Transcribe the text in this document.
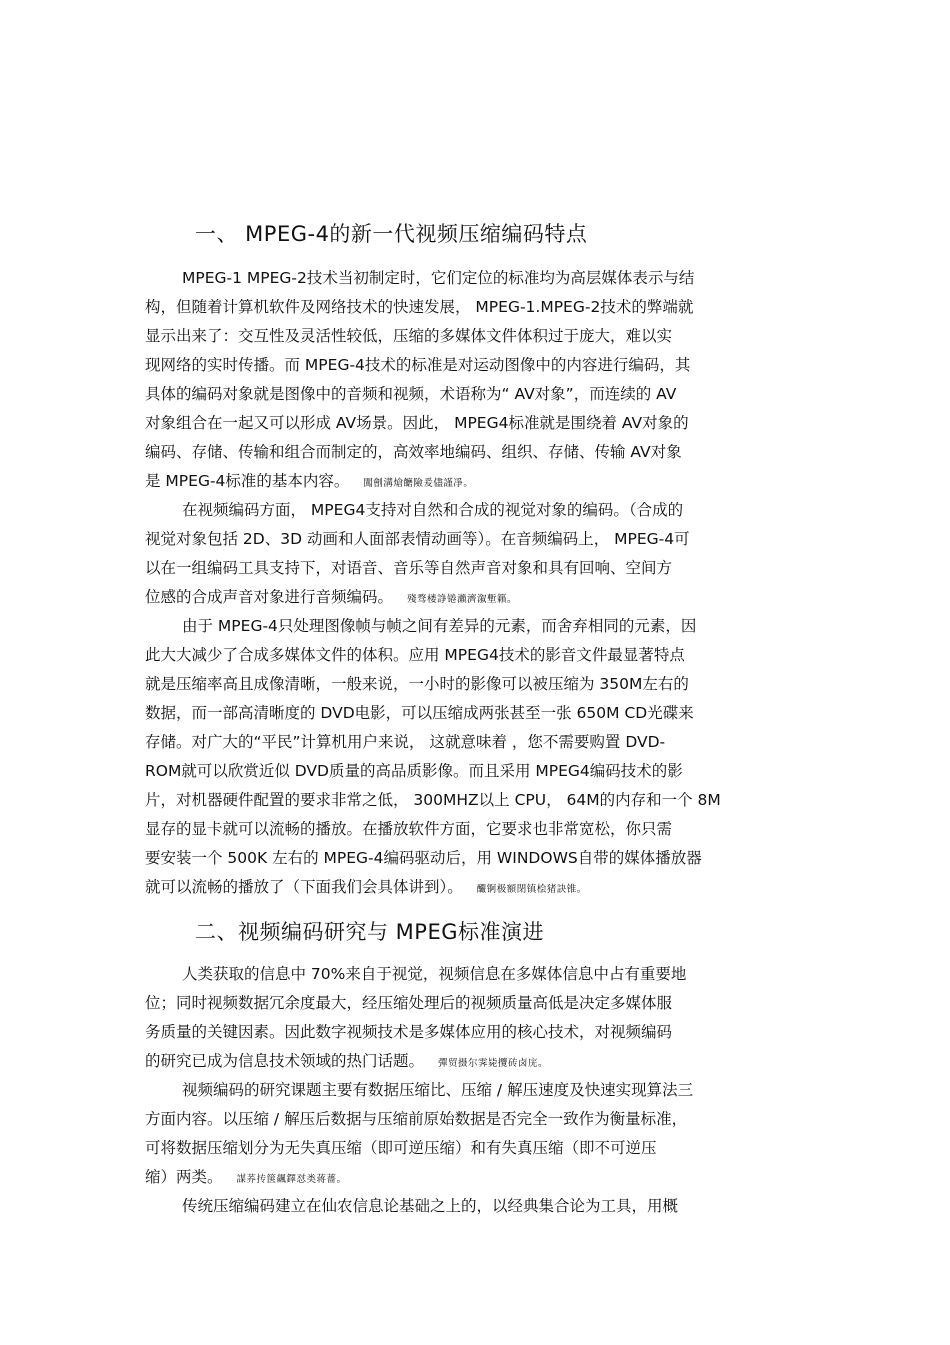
一、 MPEG-4的新一代视频压缩编码特点
MPEG-1 MPEG-2技术当初制定时，它们定位的标准均为高层媒体表示与结
构，但随着计算机软件及网络技术的快速发展， MPEG-1.MPEG-2技术的弊端就
显示出来了：交互性及灵活性较低，压缩的多媒体文件体积过于庞大，难以实
现网络的实时传播。而 MPEG-4技术的标准是对运动图像中的内容进行编码，其
具体的编码对象就是图像中的音频和视频，术语称为“ AV对象”，而连续的 AV
对象组合在一起又可以形成 AV场景。因此， MPEG4标准就是围绕着 AV对象的
编码、存储、传输和组合而制定的，高效率地编码、组织、存储、传输 AV对象
是 MPEG-4标准的基本内容。 闖劊溝熗饝險爰儘謹凈。
在视频编码方面， MPEG4支持对自然和合成的视觉对象的编码。（合成的
视觉对象包括 2D、3D 动画和人面部表情动画等）。在音频编码上， MPEG-4可
以在一组编码工具支持下，对语音、音乐等自然声音对象和具有回响、空间方
位感的合成声音对象进行音频编码。 殘骛楼諍锩瀨濟溆塹籟。
由于 MPEG-4只处理图像帧与帧之间有差异的元素，而舍弃相同的元素，因
此大大减少了合成多媒体文件的体积。应用 MPEG4技术的影音文件最显著特点
就是压缩率高且成像清晰，一般来说，一小时的影像可以被压缩为 350M左右的
数据，而一部高清晰度的 DVD电影，可以压缩成两张甚至一张 650M CD光碟来
存储。对广大的“平民”计算机用户来说， 这就意味着 ，您不需要购置 DVD-
ROM就可以欣赏近似 DVD质量的高品质影像。而且采用 MPEG4编码技术的影
片，对机器硬件配置的要求非常之低， 300MHZ以上 CPU， 64M的内存和一个 8M
显存的显卡就可以流畅的播放。在播放软件方面，它要求也非常宽松，你只需
要安装一个 500K 左右的 MPEG-4编码驱动后，用 WINDOWS自带的媒体播放器
就可以流畅的播放了（下面我们会具体讲到）。 釅锕极額閉镇桧猪訣锥。
二、视频编码研究与 MPEG标准演进
人类获取的信息中 70%来自于视觉，视频信息在多媒体信息中占有重要地
位；同时视频数据冗余度最大，经压缩处理后的视频质量高低是决定多媒体服
务质量的关键因素。因此数字视频技术是多媒体应用的核心技术，对视频编码
的研究已成为信息技术领域的热门话题。 彈贸摄尔霁毙攬砖卤庑。
视频编码的研究课题主要有数据压缩比、压缩 / 解压速度及快速实现算法三
方面内容。以压缩 / 解压后数据与压缩前原始数据是否完全一致作为衡量标准，
可将数据压缩划分为无失真压缩（即可逆压缩）和有失真压缩（即不可逆压
缩）两类。 謀荞抟箧飆鐸怼类蒋薔。
传统压缩编码建立在仙农信息论基础之上的，以经典集合论为工具，用概
